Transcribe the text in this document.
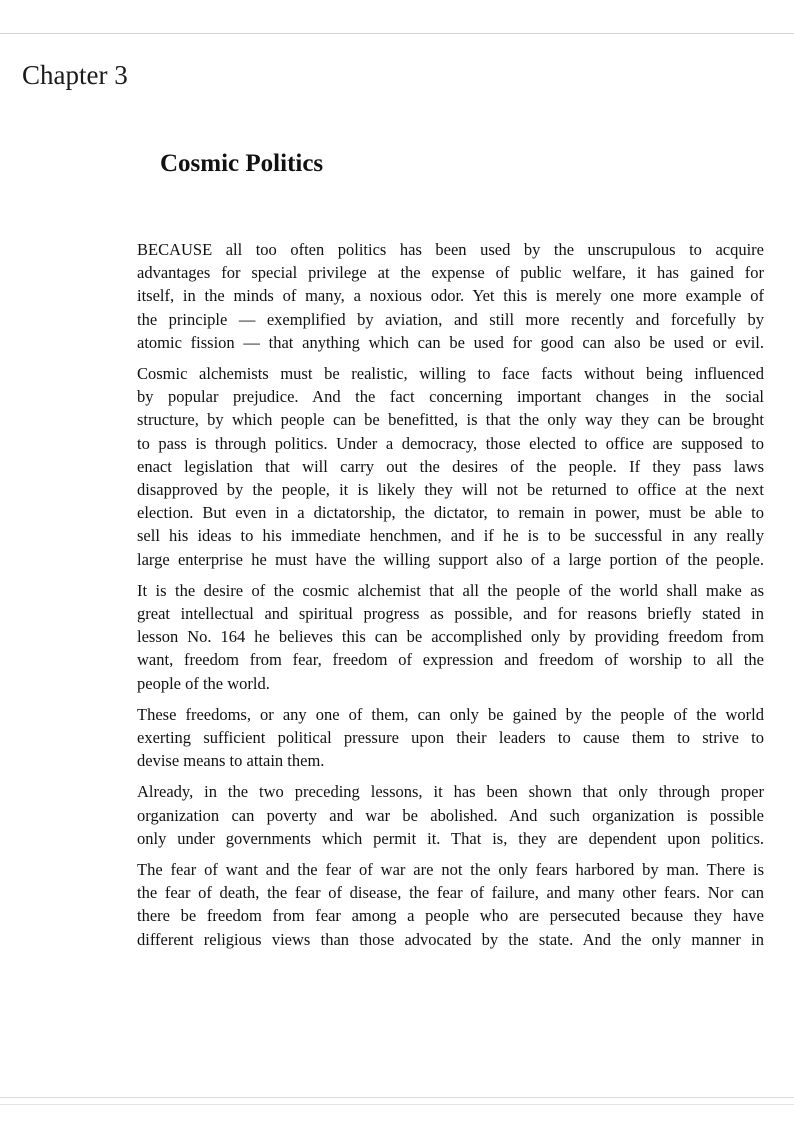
Chapter 3
Cosmic Politics

BECAUSE all too often politics has been used by the unscrupulous to acquire
advantages for special privilege at the expense of public welfare, it has gained for
itself, in the minds of many, a noxious odor. Yet this is merely one more example of
the principle — exemplified by aviation, and still more recently and forcefully by
atomic fission — that anything which can be used for good can also be used or evil.

Cosmic alchemists must be realistic, willing to face facts without being influenced
by popular prejudice. And the fact concerning important changes in the social
structure, by which people can be benefitted, is that the only way they can be brought
to pass is through politics. Under a democracy, those elected to office are supposed to
enact legislation that will carry out the desires of the people. If they pass laws
disapproved by the people, it is likely they will not be returned to office at the next
election. But even in a dictatorship, the dictator, to remain in power, must be able to
sell his ideas to his immediate henchmen, and if he is to be successful in any really
large enterprise he must have the willing support also of a large portion of the people.

It is the desire of the cosmic alchemist that all the people of the world shall make as
great intellectual and spiritual progress as possible, and for reasons briefly stated in
lesson No. 164 he believes this can be accomplished only by providing freedom from
want, freedom from fear, freedom of expression and freedom of worship to all the
people of the world.

These freedoms, or any one of them, can only be gained by the people of the world
exerting sufficient political pressure upon their leaders to cause them to strive to
devise means to attain them.

Already, in the two preceding lessons, it has been shown that only through proper
organization can poverty and war be abolished. And such organization is possible
only under governments which permit it. That is, they are dependent upon politics.

The fear of want and the fear of war are not the only fears harbored by man. There is
the fear of death, the fear of disease, the fear of failure, and many other fears. Nor can
there be freedom from fear among a people who are persecuted because they have
different religious views than those advocated by the state. And the only manner in
